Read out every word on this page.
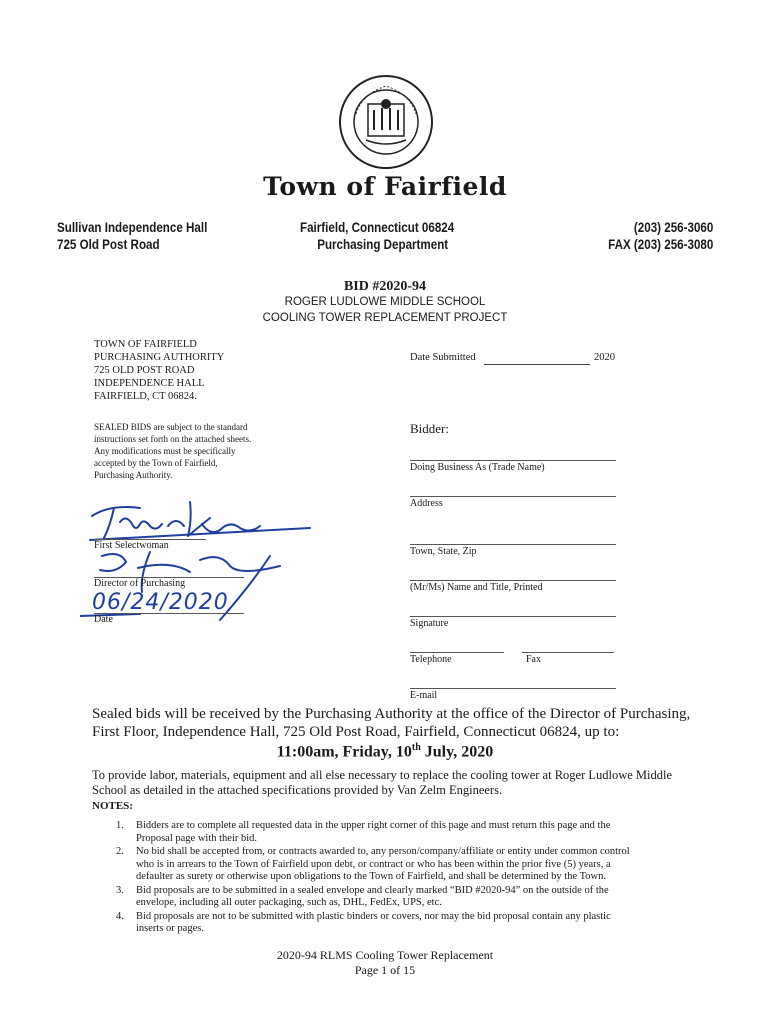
Town of Fairfield
Sullivan Independence Hall
725 Old Post Road
Fairfield, Connecticut 06824
Purchasing Department
(203) 256-3060
FAX (203) 256-3080
BID #2020-94
ROGER LUDLOWE MIDDLE SCHOOL
COOLING TOWER REPLACEMENT PROJECT
TOWN OF FAIRFIELD
PURCHASING AUTHORITY
725 OLD POST ROAD
INDEPENDENCE HALL
FAIRFIELD, CT 06824.
SEALED BIDS are subject to the standard
instructions set forth on the attached sheets.
Any modifications must be specifically
accepted by the Town of Fairfield,
Purchasing Authority.
First Selectwoman
Director of Purchasing
06/24/2020
Date
Date Submitted	2020
Bidder:
Doing Business As (Trade Name)
Address
Town, State, Zip
(Mr/Ms) Name and Title, Printed
Signature
Telephone	Fax
E-mail
Sealed bids will be received by the Purchasing Authority at the office of the Director of Purchasing,
First Floor, Independence Hall, 725 Old Post Road, Fairfield, Connecticut 06824, up to:
11:00am, Friday, 10th July, 2020
To provide labor, materials, equipment and all else necessary to replace the cooling tower at Roger Ludlowe Middle
School as detailed in the attached specifications provided by Van Zelm Engineers.
NOTES:
1. Bidders are to complete all requested data in the upper right corner of this page and must return this page and the
Proposal page with their bid.
2. No bid shall be accepted from, or contracts awarded to, any person/company/affiliate or entity under common control
who is in arrears to the Town of Fairfield upon debt, or contract or who has been within the prior five (5) years, a
defaulter as surety or otherwise upon obligations to the Town of Fairfield, and shall be determined by the Town.
3. Bid proposals are to be submitted in a sealed envelope and clearly marked “BID #2020-94” on the outside of the
envelope, including all outer packaging, such as, DHL, FedEx, UPS, etc.
4. Bid proposals are not to be submitted with plastic binders or covers, nor may the bid proposal contain any plastic
inserts or pages.
2020-94 RLMS Cooling Tower Replacement
Page 1 of 15
